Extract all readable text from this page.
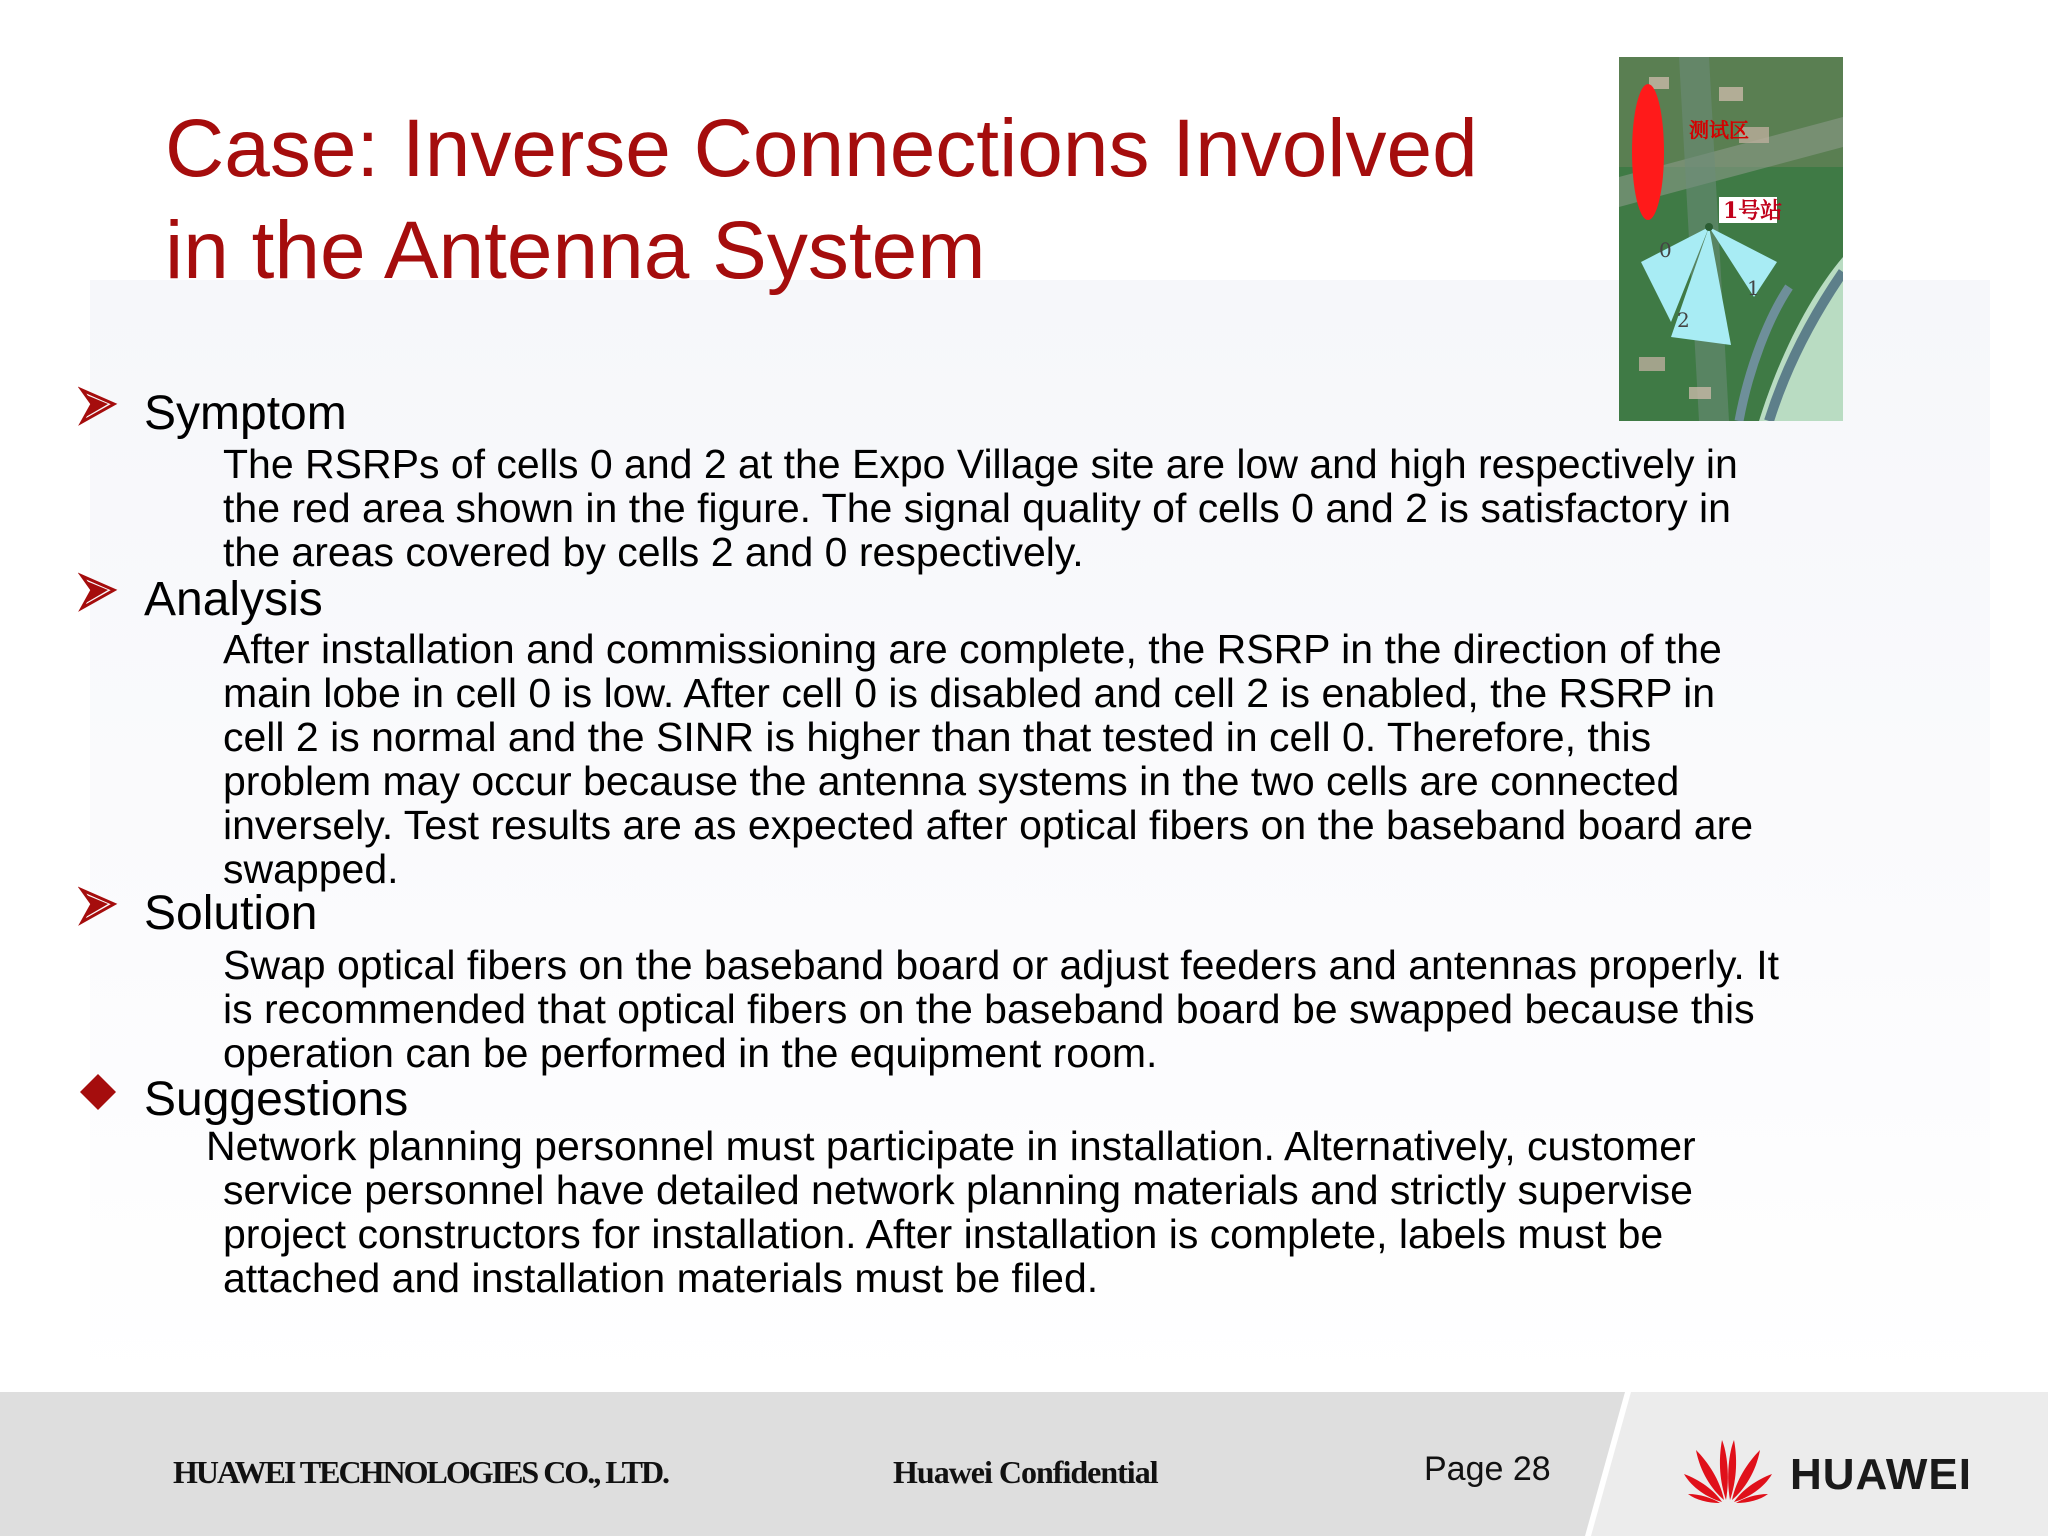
Case: Inverse Connections Involved
in the Antenna System	1号站
测试区
0
1
2
Symptom
The RSRPs of cells 0 and 2 at the Expo Village site are low and high respectively in
the red area shown in the figure. The signal quality of cells 0 and 2 is satisfactory in
the areas covered by cells 2 and 0 respectively.
Analysis
After installation and commissioning are complete, the RSRP in the direction of the
main lobe in cell 0 is low. After cell 0 is disabled and cell 2 is enabled, the RSRP in
cell 2 is normal and the SINR is higher than that tested in cell 0. Therefore, this
problem may occur because the antenna systems in the two cells are connected
inversely. Test results are as expected after optical fibers on the baseband board are
swapped.
Solution
Swap optical fibers on the baseband board or adjust feeders and antennas properly. It
is recommended that optical fibers on the baseband board be swapped because this
operation can be performed in the equipment room.
Suggestions
Network planning personnel must participate in installation. Alternatively, customer
service personnel have detailed network planning materials and strictly supervise
project constructors for installation. After installation is complete, labels must be
attached and installation materials must be filed.
HUAWEI TECHNOLOGIES CO., LTD.	Huawei Confidential	Page 28	HUAWEI
